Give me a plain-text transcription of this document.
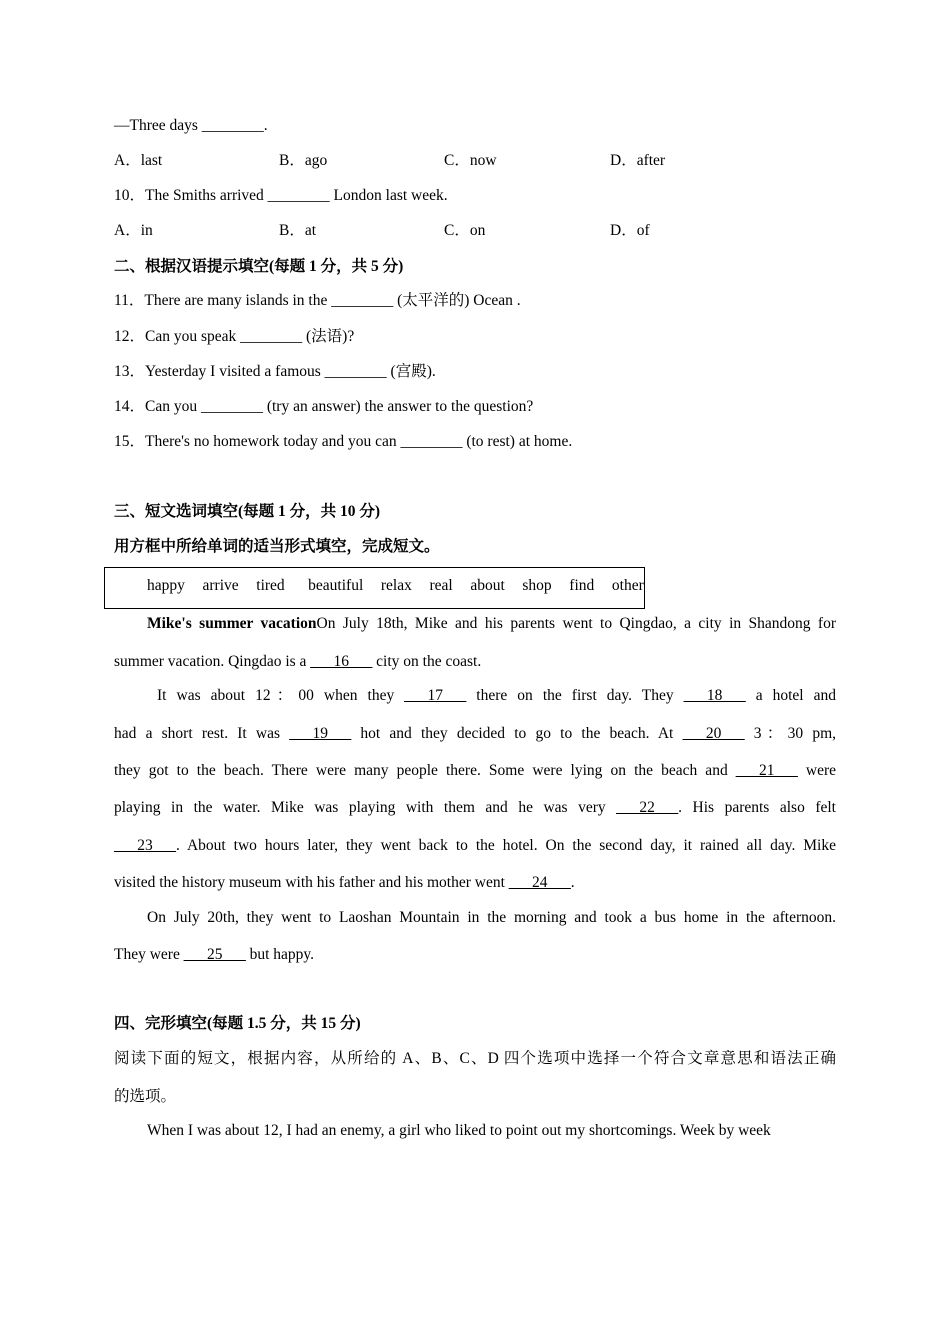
—Three days ________.
A．last	B．ago	C．now	D．after
10．The Smiths arrived ________ London last week.
A．in	B．at	C．on	D．of
二、根据汉语提示填空(每题 1 分，共 5 分)
11．There are many islands in the ________ (太平洋的) Ocean .
12．Can you speak ________ (法语)?
13．Yesterday I visited a famous ________ (宫殿).
14．Can you ________ (try an answer) the answer to the question?
15．There's no homework today and you can ________ (to rest) at home.
三、短文选词填空(每题 1 分，共 10 分)
用方框中所给单词的适当形式填空，完成短文。
happy   arrive   tired    beautiful   relax   real   about   shop   find   other
Mike's summer vacationOn July 18th, Mike and his parents went to Qingdao, a city in Shandong for
summer vacation. Qingdao is a ___16___ city on the coast.
It was about 12：00 when they ___17___ there on the first day. They ___18___ a hotel and
had a short rest. It was ___19___ hot and they decided to go to the beach. At ___20___ 3：30 pm,
they got to the beach. There were many people there. Some were lying on the beach and ___21___ were
playing in the water. Mike was playing with them and he was very ___22___. His parents also felt
___23___. About two hours later, they went back to the hotel. On the second day, it rained all day. Mike
visited the history museum with his father and his mother went ___24___.
On July 20th, they went to Laoshan Mountain in the morning and took a bus home in the afternoon.
They were ___25___ but happy.
四、完形填空(每题 1.5 分，共 15 分)
阅读下面的短文，根据内容，从所给的 A、B、C、D 四个选项中选择一个符合文章意思和语法正确
的选项。
When I was about 12, I had an enemy, a girl who liked to point out my shortcomings. Week by week
